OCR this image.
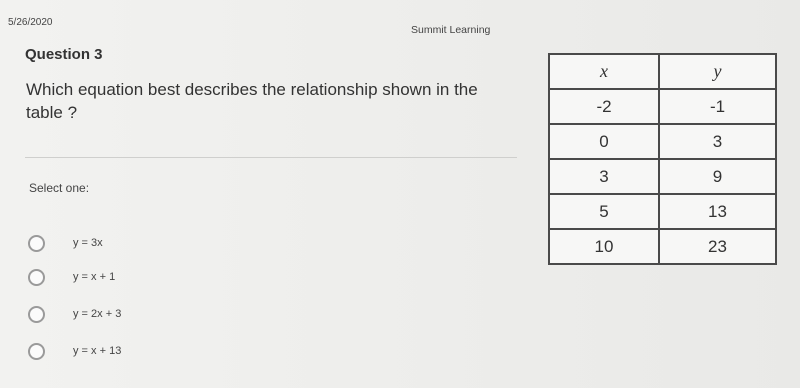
5/26/2020
Summit Learning
Question 3
Which equation best describes the relationship shown in the table ?
Select one:
y = 3x
y = x + 1
y = 2x + 3
y = x + 13
x	y
-2	-1
0	3
3	9
5	13
10	23
